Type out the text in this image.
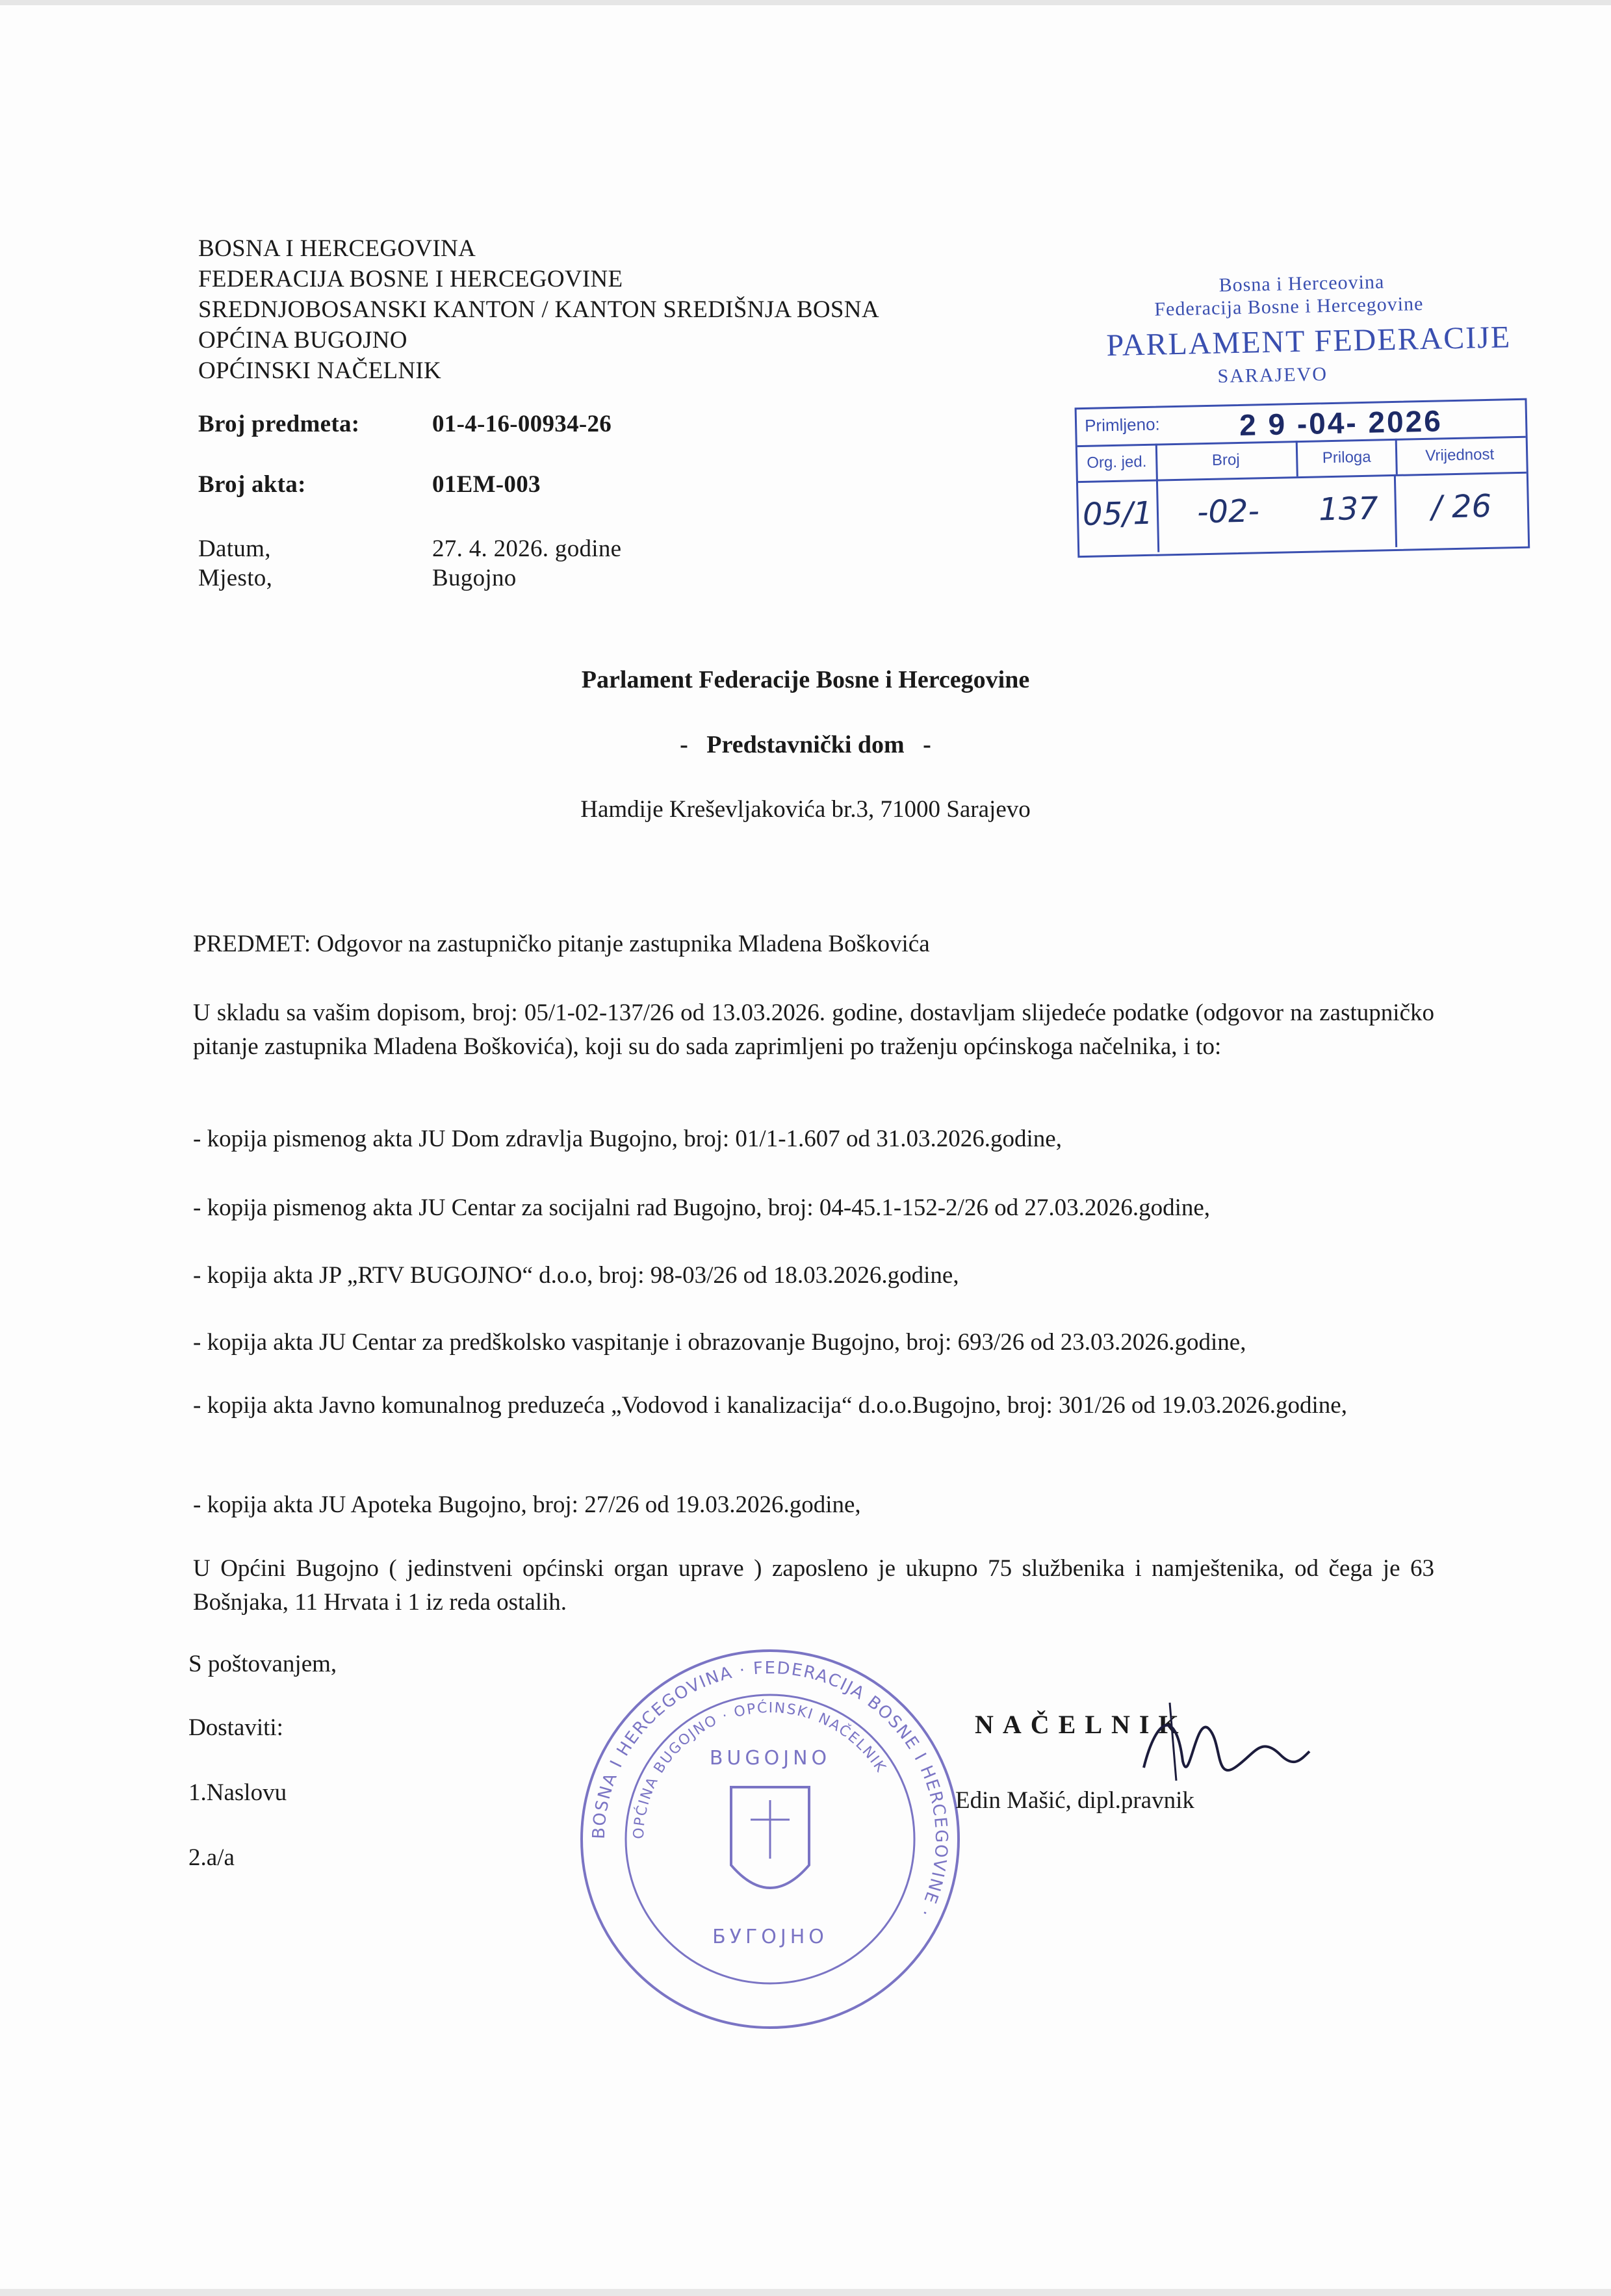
BOSNA I HERCEGOVINA
FEDERACIJA BOSNE I HERCEGOVINE
SREDNJOBOSANSKI KANTON / KANTON SREDIŠNJA BOSNA
OPĆINA BUGOJNO
OPĆINSKI NAČELNIK
Broj predmeta:	01-4-16-00934-26
Broj akta:	01EM-003
Datum,	27. 4. 2026. godine
Mjesto,	Bugojno
Bosna i Herceovina
Federacija Bosne i Hercegovine
PARLAMENT FEDERACIJE
SARAJEVO
Primljeno:	2 9 -04- 2026
Org. jed.	Broj	Priloga	Vrijednost
05/1	-02-	137	/ 26
Parlament Federacije Bosne i Hercegovine
-   Predstavnički dom   -
Hamdije Kreševljakovića br.3, 71000 Sarajevo
PREDMET: Odgovor na zastupničko pitanje zastupnika Mladena Boškovića
U skladu sa vašim dopisom, broj: 05/1-02-137/26 od 13.03.2026. godine, dostavljam slijedeće podatke (odgovor na zastupničko pitanje zastupnika Mladena Boškovića), koji su do sada zaprimljeni po traženju općinskoga načelnika, i to:
- kopija pismenog akta JU Dom zdravlja Bugojno, broj: 01/1-1.607 od 31.03.2026.godine,
- kopija pismenog akta JU Centar za socijalni rad Bugojno, broj: 04-45.1-152-2/26 od 27.03.2026.godine,
- kopija akta JP „RTV BUGOJNO“ d.o.o, broj: 98-03/26 od 18.03.2026.godine,
- kopija akta JU Centar za predškolsko vaspitanje i obrazovanje Bugojno, broj: 693/26 od 23.03.2026.godine,
- kopija akta Javno komunalnog preduzeća „Vodovod i kanalizacija“ d.o.o.Bugojno, broj: 301/26 od 19.03.2026.godine,
- kopija akta JU Apoteka Bugojno, broj: 27/26 od 19.03.2026.godine,
U Općini Bugojno ( jedinstveni općinski organ uprave ) zaposleno je ukupno 75 službenika i namještenika, od čega je 63 Bošnjaka, 11 Hrvata i 1 iz reda ostalih.
S poštovanjem,
Dostaviti:
1.Naslovu
2.a/a
BOSNA I HERCEGOVINA · FEDERACIJA BOSNE I HERCEGOVINE ·
OPĆINA BUGOJNO · OPĆINSKI NAČELNIK
BUGOJNO
БУГОЈНО
NAČELNIK
Edin Mašić, dipl.pravnik
